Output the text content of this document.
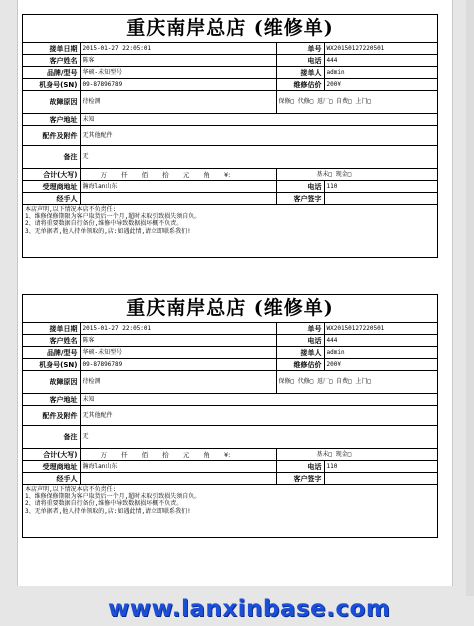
重庆南岸总店 (维修单)
接单日期	2015-01-27 22:05:01	单号	WX20150127220501
客户姓名	陈客	电话	444
品牌/型号	华硕-未知型号	接单人	admin
机身号(SN)	09-87896789	维修估价	200¥
故障原因	待检测	保修□ 代修□ 返厂□ 自费□ 上门□	
客户地址	未知		
配件及附件	无其他配件		
备注	无		
合计(大写)	万 仟 佰 拾 元 角 ¥:	基未□ 现金□	
受理商地址	瀚海lan山东	电话	110
经手人		客户签字	
本店声明,以下情况本店不负责任:
1、维修保修期限为客户取货后一个月,超时未取引致损失须自负。
2、请将重要数据自行备份,维修中导致数据损坏概不负责。
3、无单据者,他人持单领取的,店:如遇此情,请立即联系我们!
重庆南岸总店 (维修单)
接单日期	2015-01-27 22:05:01	单号	WX20150127220501
客户姓名	陈客	电话	444
品牌/型号	华硕-未知型号	接单人	admin
机身号(SN)	09-87896789	维修估价	200¥
故障原因	待检测	保修□ 代修□ 返厂□ 自费□ 上门□	
客户地址	未知		
配件及附件	无其他配件		
备注	无		
合计(大写)	万 仟 佰 拾 元 角 ¥:	基未□ 现金□	
受理商地址	瀚海lan山东	电话	110
经手人		客户签字	
本店声明,以下情况本店不负责任:
1、维修保修期限为客户取货后一个月,超时未取引致损失须自负。
2、请将重要数据自行备份,维修中导致数据损坏概不负责。
3、无单据者,他人持单领取的,店:如遇此情,请立即联系我们!
www.lanxinbase.com
